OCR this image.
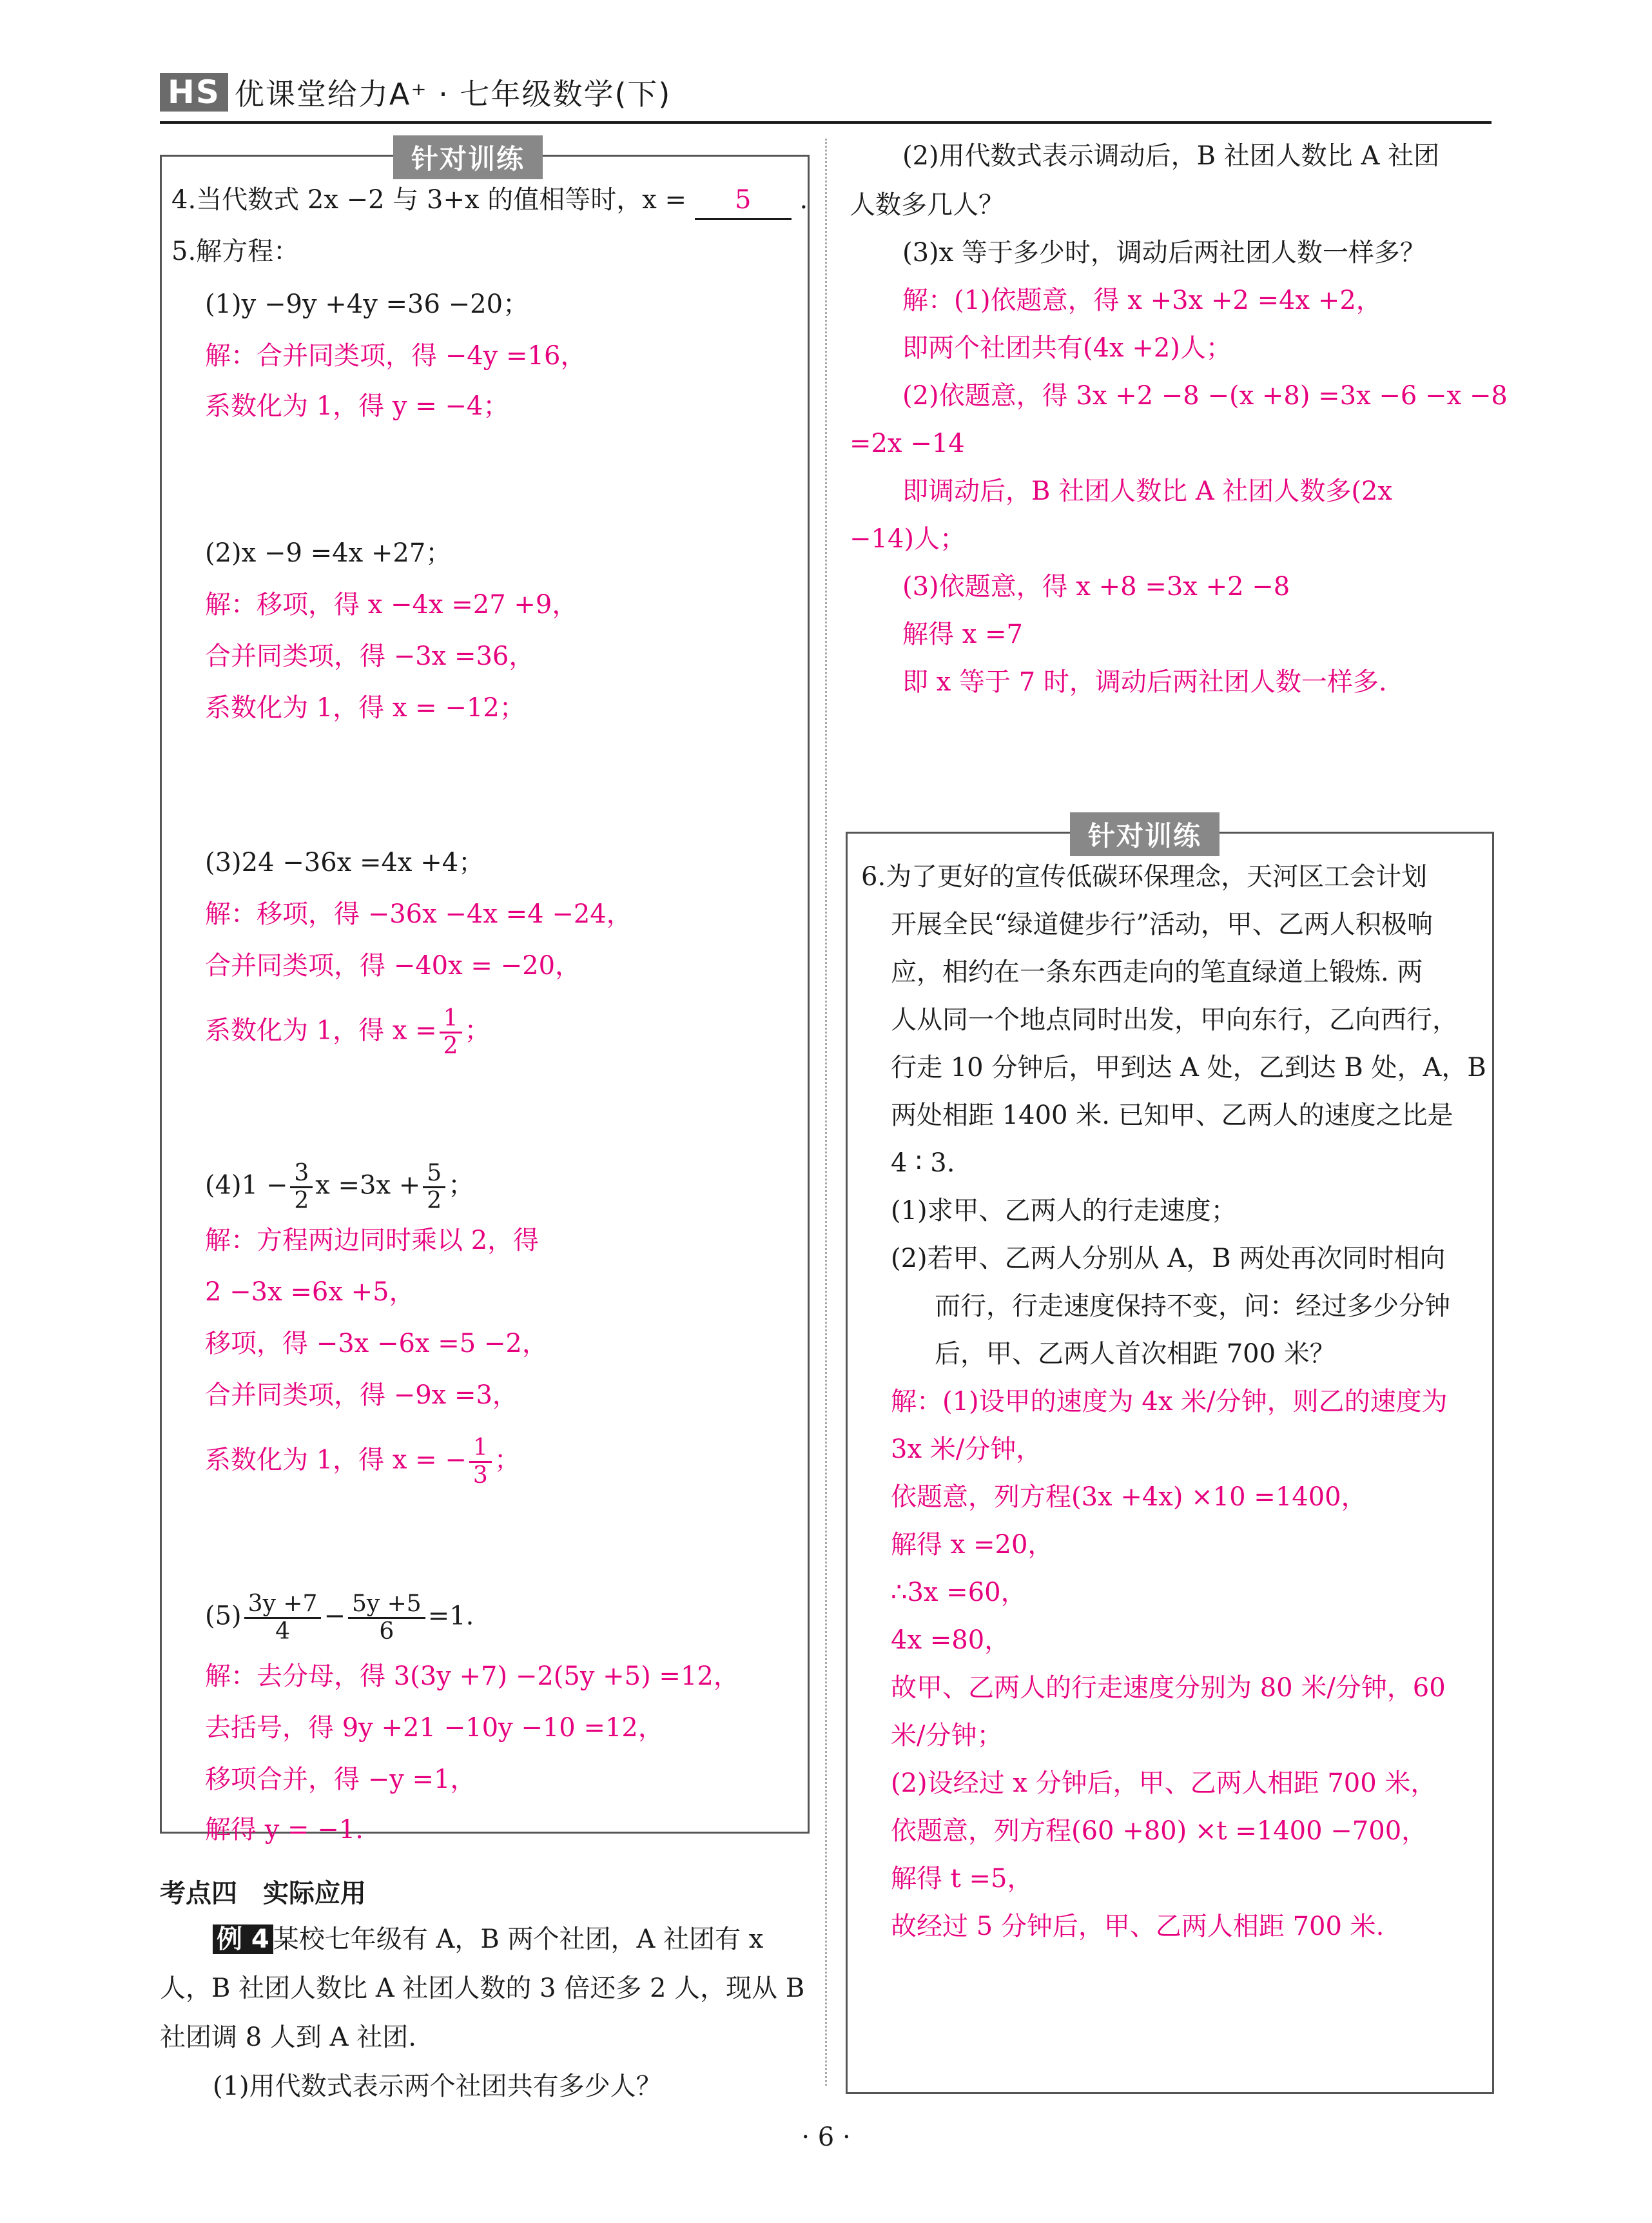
HS 优课堂给力A⁺ · 七年级数学(下)
针对训练
4.当代数式 2x −2 与 3+x 的值相等时，x = 5 .
5.解方程：
(1)y −9y +4y =36 −20；
解：合并同类项，得 −4y =16，
系数化为 1，得 y = −4；
(2)x −9 =4x +27；
解：移项，得 x −4x =27 +9，
合并同类项，得 −3x =36，
系数化为 1，得 x = −12；
(3)24 −36x =4x +4；
解：移项，得 −36x −4x =4 −24，
合并同类项，得 −40x = −20，
系数化为 1，得 $x = \frac{1}{2}$ ；
$(4)1 - \frac{3}{2}$ $x =3x + \frac{5}{2}$ ；
解：方程两边同时乘以 2，得
2 −3x =6x +5，
移项，得 −3x −6x =5 −2，
合并同类项，得 −9x =3，
系数化为 1，得 x = − $\frac{1}{3}$ ；
$(5) \frac{3y +7}{4} - \frac{5y +5}{6} =1$.
解：去分母，得 3(3y +7) −2(5y +5) =12，
去括号，得 9y +21 −10y −10 =12，
移项合并，得 −y =1，
解得 y = −1.
考点四　实际应用
例 4 某校七年级有 A，B 两个社团，A 社团有 x
人，B 社团人数比 A 社团人数的 3 倍还多 2 人，现从 B
社团调 8 人到 A 社团.
(1)用代数式表示两个社团共有多少人？
(2)用代数式表示调动后，B 社团人数比 A 社团
人数多几人？
(3)x 等于多少时，调动后两社团人数一样多？
解：(1)依题意，得 x +3x +2 =4x +2，
即两个社团共有(4x +2)人；
(2)依题意，得 3x +2 −8 −(x +8) =3x −6 −x −8
=2x −14
即调动后，B 社团人数比 A 社团人数多(2x
−14)人；
(3)依题意，得 x +8 =3x +2 −8
解得 x =7
即 x 等于 7 时，调动后两社团人数一样多.
针对训练
6.为了更好的宣传低碳环保理念，天河区工会计划
开展全民“绿道健步行”活动，甲、乙两人积极响
应，相约在一条东西走向的笔直绿道上锻炼. 两
人从同一个地点同时出发，甲向东行，乙向西行，
行走 10 分钟后，甲到达 A 处，乙到达 B 处，A，B
两处相距 1400 米. 已知甲、乙两人的速度之比是
4 ∶ 3.
(1)求甲、乙两人的行走速度；
(2)若甲、乙两人分别从 A，B 两处再次同时相向
而行，行走速度保持不变，问：经过多少分钟
后，甲、乙两人首次相距 700 米？
解：(1)设甲的速度为 4x 米/分钟，则乙的速度为
3x 米/分钟，
依题意，列方程(3x +4x) ×10 =1400，
解得 x =20，
∴3x =60，
4x =80，
故甲、乙两人的行走速度分别为 80 米/分钟，60
米/分钟；
(2)设经过 x 分钟后，甲、乙两人相距 700 米，
依题意，列方程(60 +80) ×t =1400 −700，
解得 t =5，
故经过 5 分钟后，甲、乙两人相距 700 米.
· 6 ·
